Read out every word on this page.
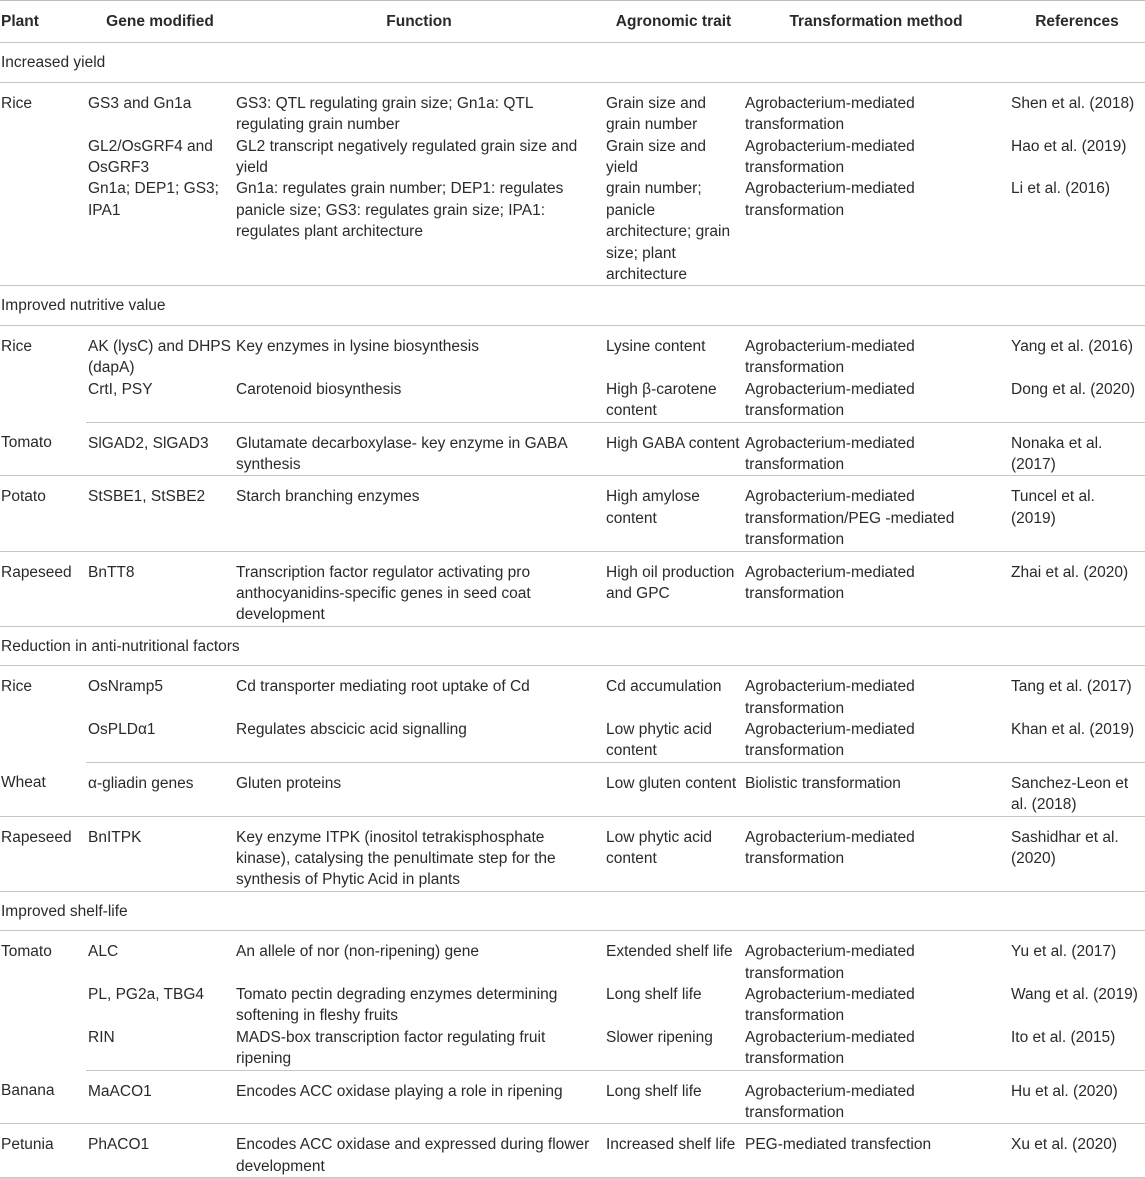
Plant	Gene modified	Function	Agronomic trait	Transformation method	References
Increased yield					
Rice	GS3 and Gn1a	GS3: QTL regulating grain size; Gn1a: QTL regulating grain number	Grain size and grain number	Agrobacterium-mediated transformation	Shen et al. (2018)
	GL2/OsGRF4 and OsGRF3	GL2 transcript negatively regulated grain size and yield	Grain size and yield	Agrobacterium-mediated transformation	Hao et al. (2019)
	Gn1a; DEP1; GS3; IPA1	Gn1a: regulates grain number; DEP1: regulates panicle size; GS3: regulates grain size; IPA1: regulates plant architecture	grain number; panicle architecture; grain size; plant architecture	Agrobacterium-mediated transformation	Li et al. (2016)
Improved nutritive value					
Rice	AK (lysC) and DHPS (dapA)	Key enzymes in lysine biosynthesis	Lysine content	Agrobacterium-mediated transformation	Yang et al. (2016)
	CrtI, PSY	Carotenoid biosynthesis	High β-carotene content	Agrobacterium-mediated transformation	Dong et al. (2020)
Tomato	SlGAD2, SlGAD3	Glutamate decarboxylase- key enzyme in GABA synthesis	High GABA content	Agrobacterium-mediated transformation	Nonaka et al. (2017)
Potato	StSBE1, StSBE2	Starch branching enzymes	High amylose content	Agrobacterium-mediated transformation/PEG -mediated transformation	Tuncel et al. (2019)
Rapeseed	BnTT8	Transcription factor regulator activating pro anthocyanidins-specific genes in seed coat development	High oil production and GPC	Agrobacterium-mediated transformation	Zhai et al. (2020)
Reduction in anti-nutritional factors					
Rice	OsNramp5	Cd transporter mediating root uptake of Cd	Cd accumulation	Agrobacterium-mediated transformation	Tang et al. (2017)
	OsPLDα1	Regulates abscicic acid signalling	Low phytic acid content	Agrobacterium-mediated transformation	Khan et al. (2019)
Wheat	α-gliadin genes	Gluten proteins	Low gluten content	Biolistic transformation	Sanchez-Leon et al. (2018)
Rapeseed	BnITPK	Key enzyme ITPK (inositol tetrakisphosphate kinase), catalysing the penultimate step for the synthesis of Phytic Acid in plants	Low phytic acid content	Agrobacterium-mediated transformation	Sashidhar et al. (2020)
Improved shelf-life					
Tomato	ALC	An allele of nor (non-ripening) gene	Extended shelf life	Agrobacterium-mediated transformation	Yu et al. (2017)
	PL, PG2a, TBG4	Tomato pectin degrading enzymes determining softening in fleshy fruits	Long shelf life	Agrobacterium-mediated transformation	Wang et al. (2019)
	RIN	MADS-box transcription factor regulating fruit ripening	Slower ripening	Agrobacterium-mediated transformation	Ito et al. (2015)
Banana	MaACO1	Encodes ACC oxidase playing a role in ripening	Long shelf life	Agrobacterium-mediated transformation	Hu et al. (2020)
Petunia	PhACO1	Encodes ACC oxidase and expressed during flower development	Increased shelf life	PEG-mediated transfection	Xu et al. (2020)
